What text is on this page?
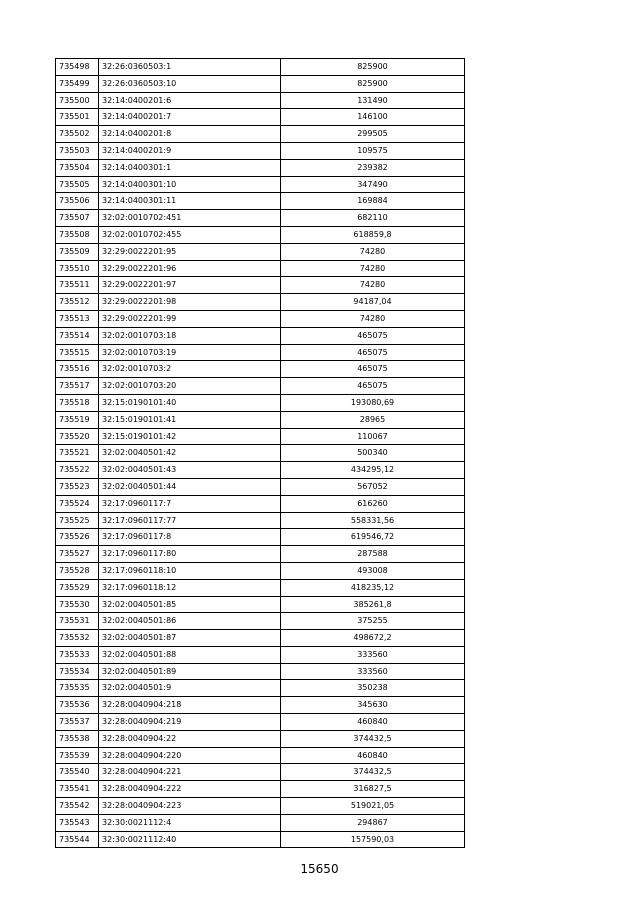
735498	32:26:0360503:1	825900
735499	32:26:0360503:10	825900
735500	32:14:0400201:6	131490
735501	32:14:0400201:7	146100
735502	32:14:0400201:8	299505
735503	32:14:0400201:9	109575
735504	32:14:0400301:1	239382
735505	32:14:0400301:10	347490
735506	32:14:0400301:11	169884
735507	32:02:0010702:451	682110
735508	32:02:0010702:455	618859,8
735509	32:29:0022201:95	74280
735510	32:29:0022201:96	74280
735511	32:29:0022201:97	74280
735512	32:29:0022201:98	94187,04
735513	32:29:0022201:99	74280
735514	32:02:0010703:18	465075
735515	32:02:0010703:19	465075
735516	32:02:0010703:2	465075
735517	32:02:0010703:20	465075
735518	32:15:0190101:40	193080,69
735519	32:15:0190101:41	28965
735520	32:15:0190101:42	110067
735521	32:02:0040501:42	500340
735522	32:02:0040501:43	434295,12
735523	32:02:0040501:44	567052
735524	32:17:0960117:7	616260
735525	32:17:0960117:77	558331,56
735526	32:17:0960117:8	619546,72
735527	32:17:0960117:80	287588
735528	32:17:0960118:10	493008
735529	32:17:0960118:12	418235,12
735530	32:02:0040501:85	385261,8
735531	32:02:0040501:86	375255
735532	32:02:0040501:87	498672,2
735533	32:02:0040501:88	333560
735534	32:02:0040501:89	333560
735535	32:02:0040501:9	350238
735536	32:28:0040904:218	345630
735537	32:28:0040904:219	460840
735538	32:28:0040904:22	374432,5
735539	32:28:0040904:220	460840
735540	32:28:0040904:221	374432,5
735541	32:28:0040904:222	316827,5
735542	32:28:0040904:223	519021,05
735543	32:30:0021112:4	294867
735544	32:30:0021112:40	157590,03
15650
